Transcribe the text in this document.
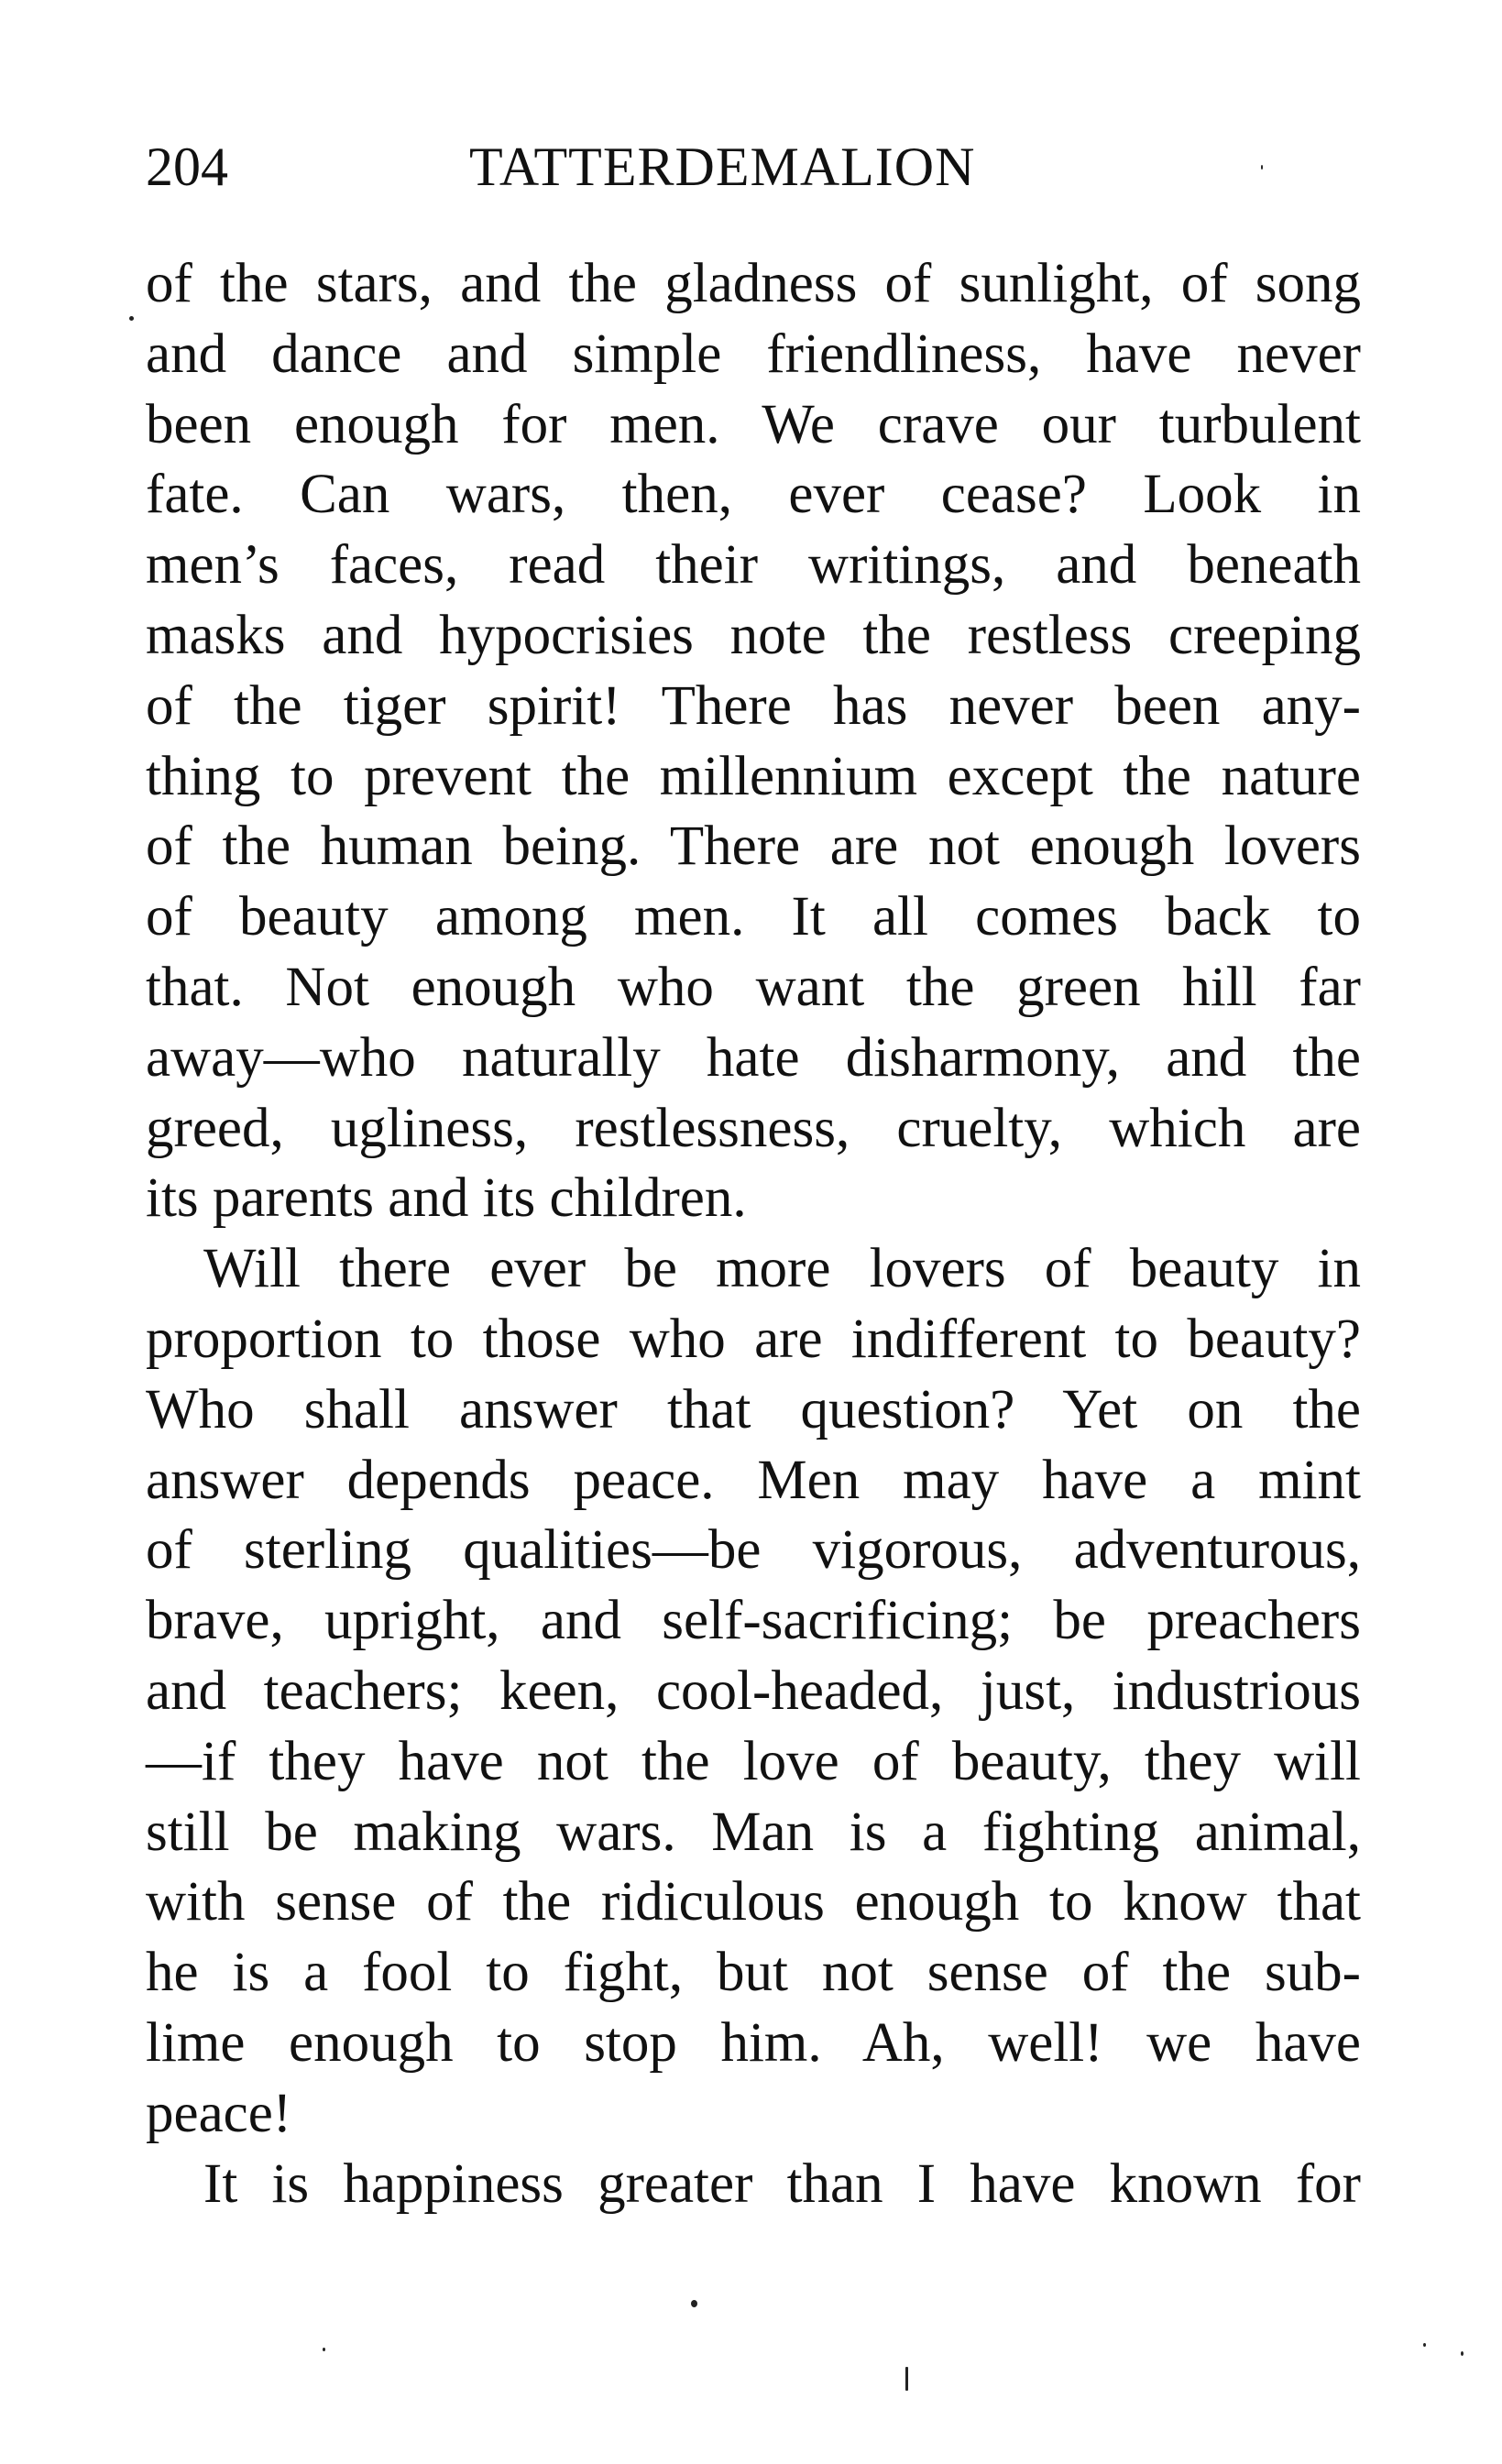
204	TATTERDEMALION
of the stars, and the gladness of sunlight, of song
and dance and simple friendliness, have never
been enough for men. We crave our turbulent
fate. Can wars, then, ever cease? Look in
men’s faces, read their writings, and beneath
masks and hypocrisies note the restless creeping
of the tiger spirit! There has never been any-
thing to prevent the millennium except the nature
of the human being. There are not enough lovers
of beauty among men. It all comes back to
that. Not enough who want the green hill far
away—who naturally hate disharmony, and the
greed, ugliness, restlessness, cruelty, which are
its parents and its children.
Will there ever be more lovers of beauty in
proportion to those who are indifferent to beauty?
Who shall answer that question? Yet on the
answer depends peace. Men may have a mint
of sterling qualities—be vigorous, adventurous,
brave, upright, and self-sacrificing; be preachers
and teachers; keen, cool-headed, just, industrious
—if they have not the love of beauty, they will
still be making wars. Man is a fighting animal,
with sense of the ridiculous enough to know that
he is a fool to fight, but not sense of the sub-
lime enough to stop him. Ah, well! we have
peace!
It is happiness greater than I have known for
